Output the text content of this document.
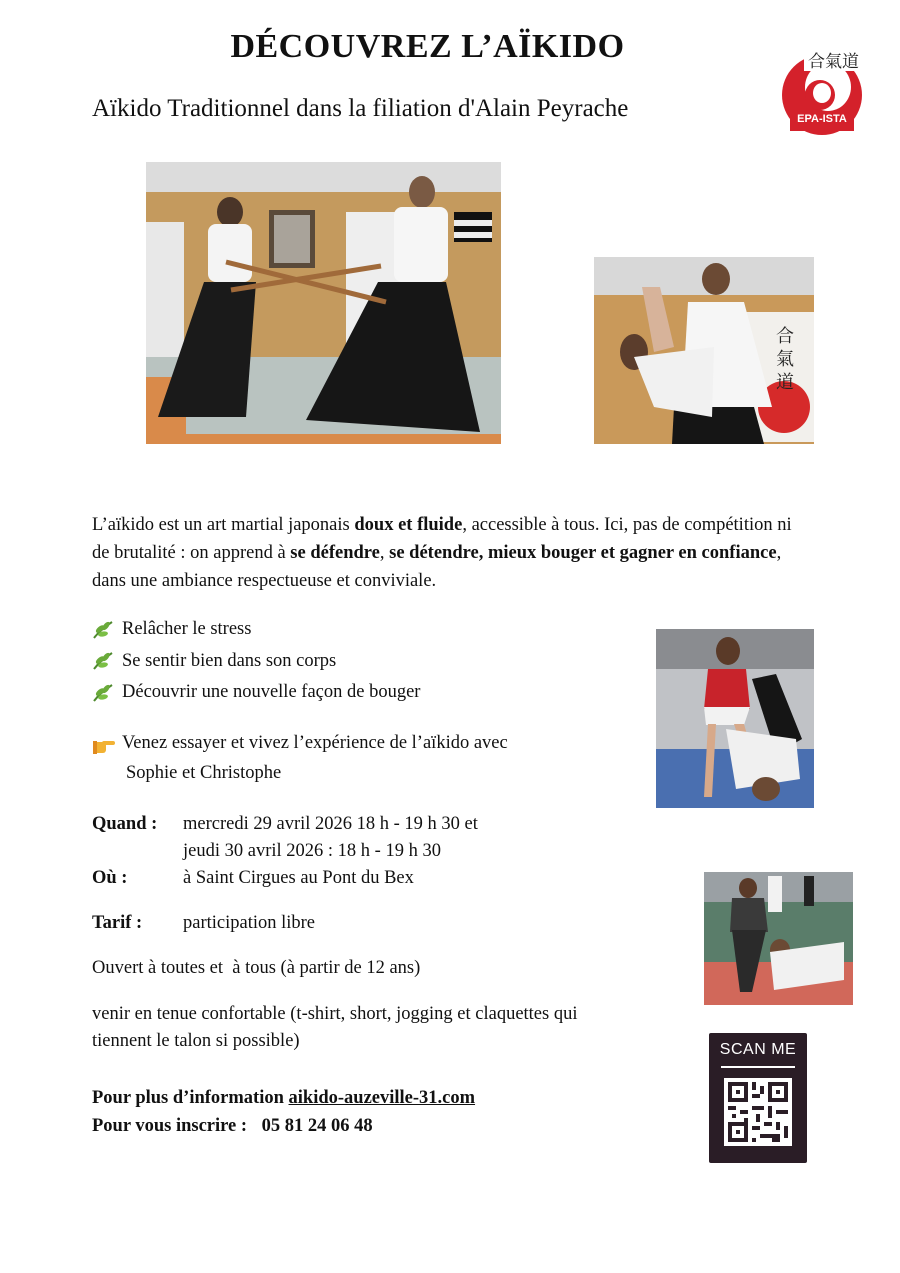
DÉCOUVREZ L’AÏKIDO
Aïkido Traditionnel dans la filiation d'Alain Peyrache
合氣道
EPA-ISTA
合
氣
道
L’aïkido est un art martial japonais doux et fluide, accessible à tous. Ici, pas de compétition ni de brutalité : on apprend à se défendre, se détendre, mieux bouger et gagner en confiance, dans une ambiance respectueuse et conviviale.
Relâcher le stress
Se sentir bien dans son corps
Découvrir une nouvelle façon de bouger
Venez essayer et vivez l’expérience de l’aïkido avec
Sophie et Christophe
Quand : mercredi 29 avril 2026 18 h - 19 h 30 et
jeudi 30 avril 2026 : 18 h - 19 h 30
Où :	à Saint Cirgues au Pont du Bex
Tarif : participation libre
Ouvert à toutes et  à tous (à partir de 12 ans)
venir en tenue confortable (t-shirt, short, jogging et claquettes qui
tiennent le talon si possible)
Pour plus d’information aikido-auzeville-31.com
Pour vous inscrire : 05 81 24 06 48
SCAN ME
